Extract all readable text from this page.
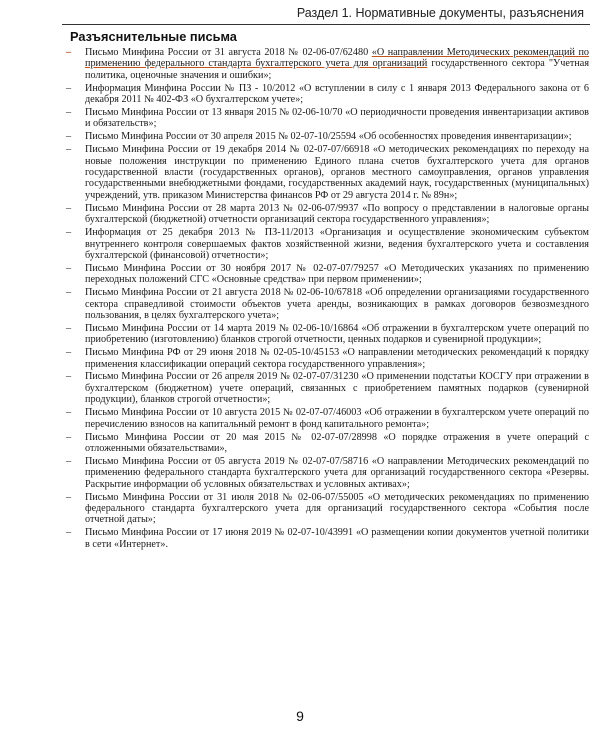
Раздел 1. Нормативные документы, разъяснения
Разъяснительные письма
– Письмо Минфина России от 31 августа 2018 № 02-06-07/62480 «О направлении Методических рекомендаций по применению федерального стандарта бухгалтерского учета для организаций государственного сектора "Учетная политика, оценочные значения и ошибки»;
– Информация Минфина России № ПЗ - 10/2012 «О вступлении в силу с 1 января 2013 Федерального закона от 6 декабря 2011 № 402-ФЗ «О бухгалтерском учете»;
– Письмо Минфина России от 13 января 2015 № 02-06-10/70 «О периодичности проведения инвентаризации активов и обязательств»;
– Письмо Минфина России от 30 апреля 2015 № 02-07-10/25594 «Об особенностях проведения инвентаризации»;
– Письмо Минфина России от 19 декабря 2014 № 02-07-07/66918 «О методических рекомендациях по переходу на новые положения инструкции по применению Единого плана счетов бухгалтерского учета для органов государственной власти (государственных органов), органов местного самоуправления, органов управления государственными внебюджетными фондами, государственных академий наук, государственных (муниципальных) учреждений, утв. приказом Министерства финансов РФ от 29 августа 2014 г. № 89н»;
– Письмо Минфина России от 28 марта 2013 № 02-06-07/9937 «По вопросу о представлении в налоговые органы бухгалтерской (бюджетной) отчетности организаций сектора государственного управления»;
– Информация от 25 декабря 2013 № ПЗ-11/2013 «Организация и осуществление экономическим субъектом внутреннего контроля совершаемых фактов хозяйственной жизни, ведения бухгалтерского учета и составления бухгалтерской (финансовой) отчетности»;
– Письмо Минфина России от 30 ноября 2017 № 02-07-07/79257 «О Методических указаниях по применению переходных положений СГС «Основные средства» при первом применении»;
– Письмо Минфина России от 21 августа 2018 № 02-06-10/67818 «Об определении организациями государственного сектора справедливой стоимости объектов учета аренды, возникающих в рамках договоров безвозмездного пользования, в целях бухгалтерского учета»;
– Письмо Минфина России от 14 марта 2019 № 02-06-10/16864 «Об отражении в бухгалтерском учете операций по приобретению (изготовлению) бланков строгой отчетности, ценных подарков и сувенирной продукции»;
– Письмо Минфина РФ от 29 июня 2018 № 02-05-10/45153 «О направлении методических рекомендаций к порядку применения классификации операций сектора государственного управления»;
– Письмо Минфина России от 26 апреля 2019 № 02-07-07/31230 «О применении подстатьи КОСГУ при отражении в бухгалтерском (бюджетном) учете операций, связанных с приобретением памятных подарков (сувенирной продукции), бланков строгой отчетности»;
– Письмо Минфина России от 10 августа 2015 № 02-07-07/46003 «Об отражении в бухгалтерском учете операций по перечислению взносов на капитальный ремонт в фонд капитального ремонта»;
– Письмо Минфина России от 20 мая 2015 № 02-07-07/28998 «О порядке отражения в учете операций с отложенными обязательствами»,
– Письмо Минфина России от 05 августа 2019 № 02-07-07/58716 «О направлении Методических рекомендаций по применению федерального стандарта бухгалтерского учета для организаций государственного сектора «Резервы. Раскрытие информации об условных обязательствах и условных активах»;
– Письмо Минфина России от 31 июля 2018 № 02-06-07/55005 «О методических рекомендациях по применению федерального стандарта бухгалтерского учета для организаций государственного сектора «События после отчетной даты»;
– Письмо Минфина России от 17 июня 2019 № 02-07-10/43991 «О размещении копии документов учетной политики в сети «Интернет».
9
